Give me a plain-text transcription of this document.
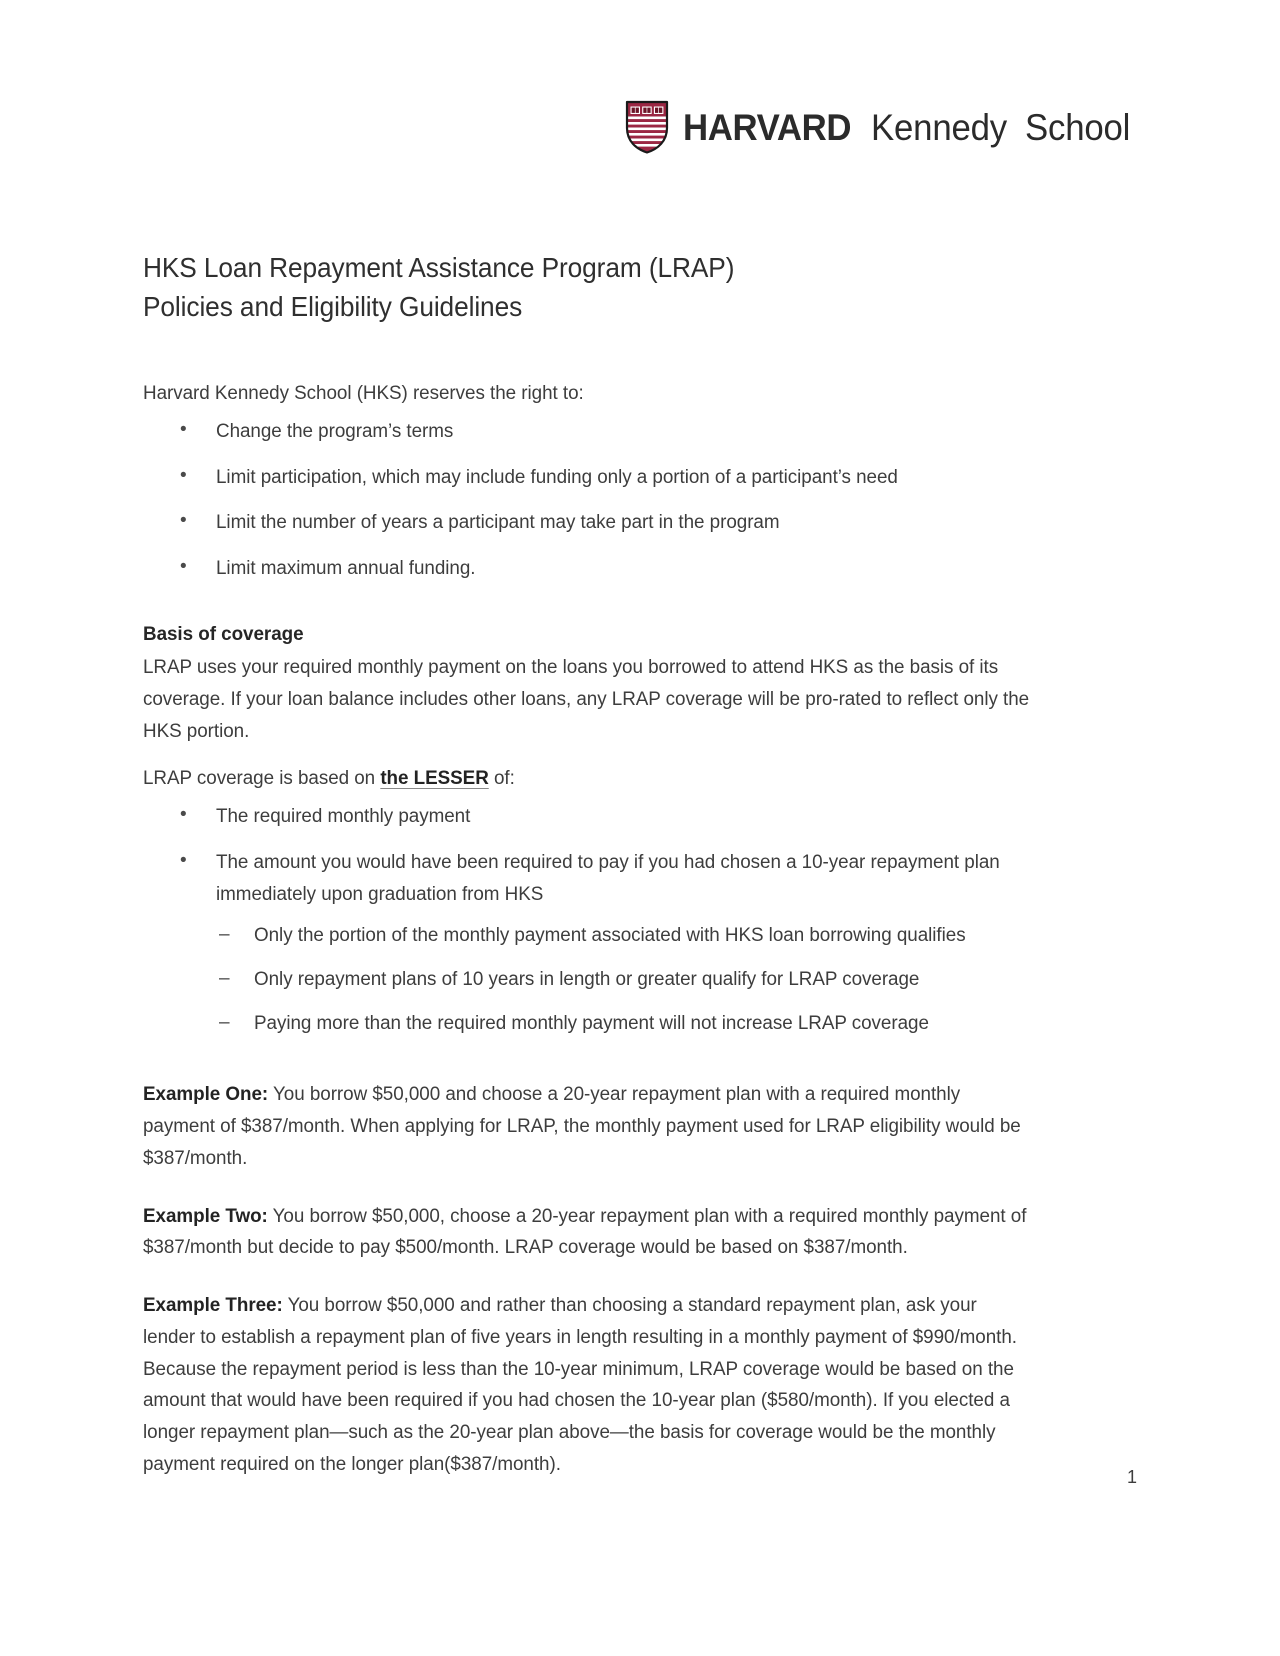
HARVARD Kennedy School
HKS Loan Repayment Assistance Program (LRAP)
Policies and Eligibility Guidelines

Harvard Kennedy School (HKS) reserves the right to:

• Change the program’s terms
• Limit participation, which may include funding only a portion of a participant’s need
• Limit the number of years a participant may take part in the program
• Limit maximum annual funding.
Basis of coverage

LRAP uses your required monthly payment on the loans you borrowed to attend HKS as the basis of its coverage. If your loan balance includes other loans, any LRAP coverage will be pro-rated to reflect only the HKS portion.

LRAP coverage is based on the LESSER of:

• The required monthly payment
• The amount you would have been required to pay if you had chosen a 10-year repayment plan immediately upon graduation from HKS
– Only the portion of the monthly payment associated with HKS loan borrowing qualifies
– Only repayment plans of 10 years in length or greater qualify for LRAP coverage
– Paying more than the required monthly payment will not increase LRAP coverage

Example One: You borrow $50,000 and choose a 20-year repayment plan with a required monthly payment of $387/month. When applying for LRAP, the monthly payment used for LRAP eligibility would be $387/month.

Example Two: You borrow $50,000, choose a 20-year repayment plan with a required monthly payment of $387/month but decide to pay $500/month. LRAP coverage would be based on $387/month.

Example Three: You borrow $50,000 and rather than choosing a standard repayment plan, ask your lender to establish a repayment plan of five years in length resulting in a monthly payment of $990/month. Because the repayment period is less than the 10-year minimum, LRAP coverage would be based on the amount that would have been required if you had chosen the 10-year plan ($580/month). If you elected a longer repayment plan—such as the 20-year plan above—the basis for coverage would be the monthly payment required on the longer plan($387/month).

1
